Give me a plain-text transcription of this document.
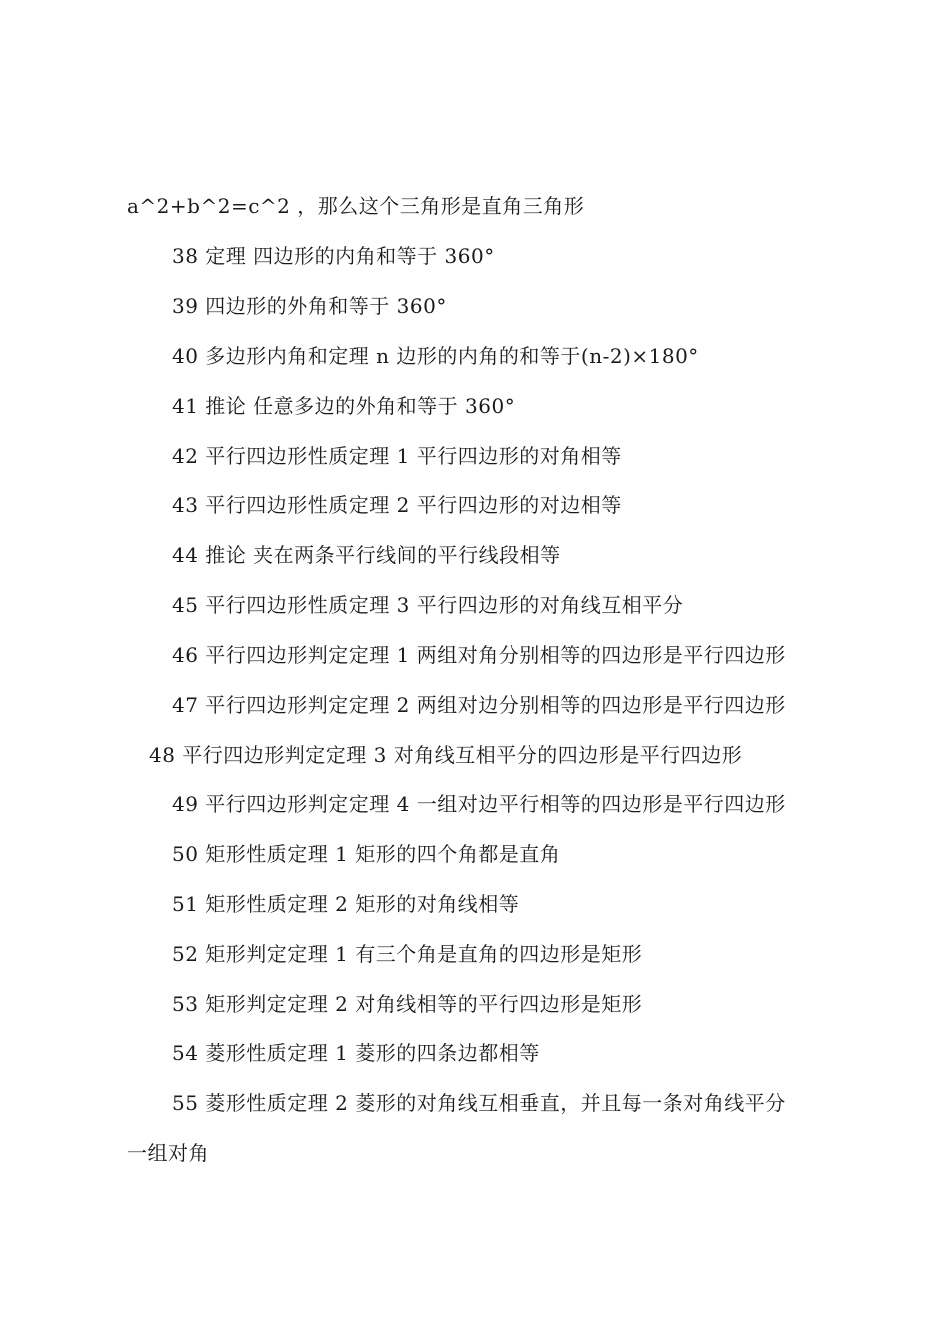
a^2+b^2=c^2 ，那么这个三角形是直角三角形
38 定理 四边形的内角和等于 360°
39 四边形的外角和等于 360°
40 多边形内角和定理 n 边形的内角的和等于(n-2)×180°
41 推论 任意多边的外角和等于 360°
42 平行四边形性质定理 1 平行四边形的对角相等
43 平行四边形性质定理 2 平行四边形的对边相等
44 推论 夹在两条平行线间的平行线段相等
45 平行四边形性质定理 3 平行四边形的对角线互相平分
46 平行四边形判定定理 1 两组对角分别相等的四边形是平行四边形
47 平行四边形判定定理 2 两组对边分别相等的四边形是平行四边形
48 平行四边形判定定理 3 对角线互相平分的四边形是平行四边形
49 平行四边形判定定理 4 一组对边平行相等的四边形是平行四边形
50 矩形性质定理 1 矩形的四个角都是直角
51 矩形性质定理 2 矩形的对角线相等
52 矩形判定定理 1 有三个角是直角的四边形是矩形
53 矩形判定定理 2 对角线相等的平行四边形是矩形
54 菱形性质定理 1 菱形的四条边都相等
55 菱形性质定理 2 菱形的对角线互相垂直，并且每一条对角线平分
一组对角
